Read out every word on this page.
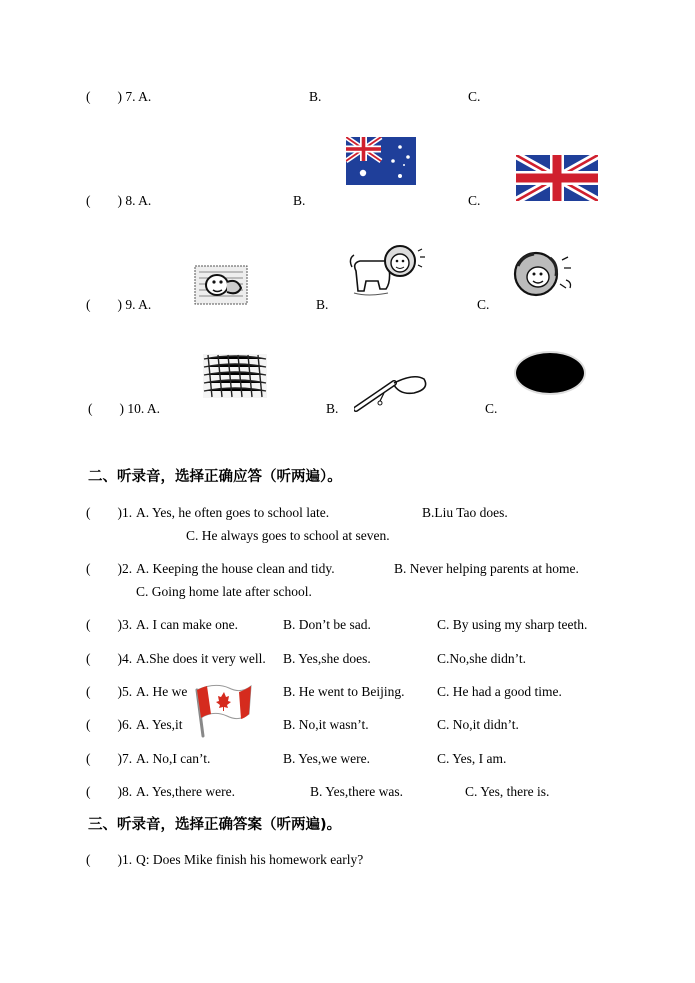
(　　) 7. A.	B.	C.
(　　) 8. A.	B.	C.
(　　) 9. A.	B.	C.
(　　) 10. A.	B.	C.
二、听录音，选择正确应答（听两遍）。
(　　)1. A. Yes, he often goes to school late.	B.Liu Tao does.
C. He always goes to school at seven.
(　　)2. A. Keeping the house clean and tidy.	B. Never helping parents at home.
C. Going home late after school.
(　　)3. A. I can make one.	B. Don’t be sad.	C. By using my sharp teeth.
(　　)4. A.She does it very well. B. Yes,she does.	C.No,she didn’t.
(　　)5. A. He we	B. He went to Beijing. C. He had a good time.
(　　)6. A. Yes,it	B. No,it wasn’t.	C. No,it didn’t.
(　　)7. A. No,I can’t.	B. Yes,we were.	C. Yes, I am.
(　　)8. A. Yes,there were.	B. Yes,there was.	C. Yes, there is.
三、听录音，选择正确答案（听两遍)。
(　　)1. Q: Does Mike finish his homework early?
